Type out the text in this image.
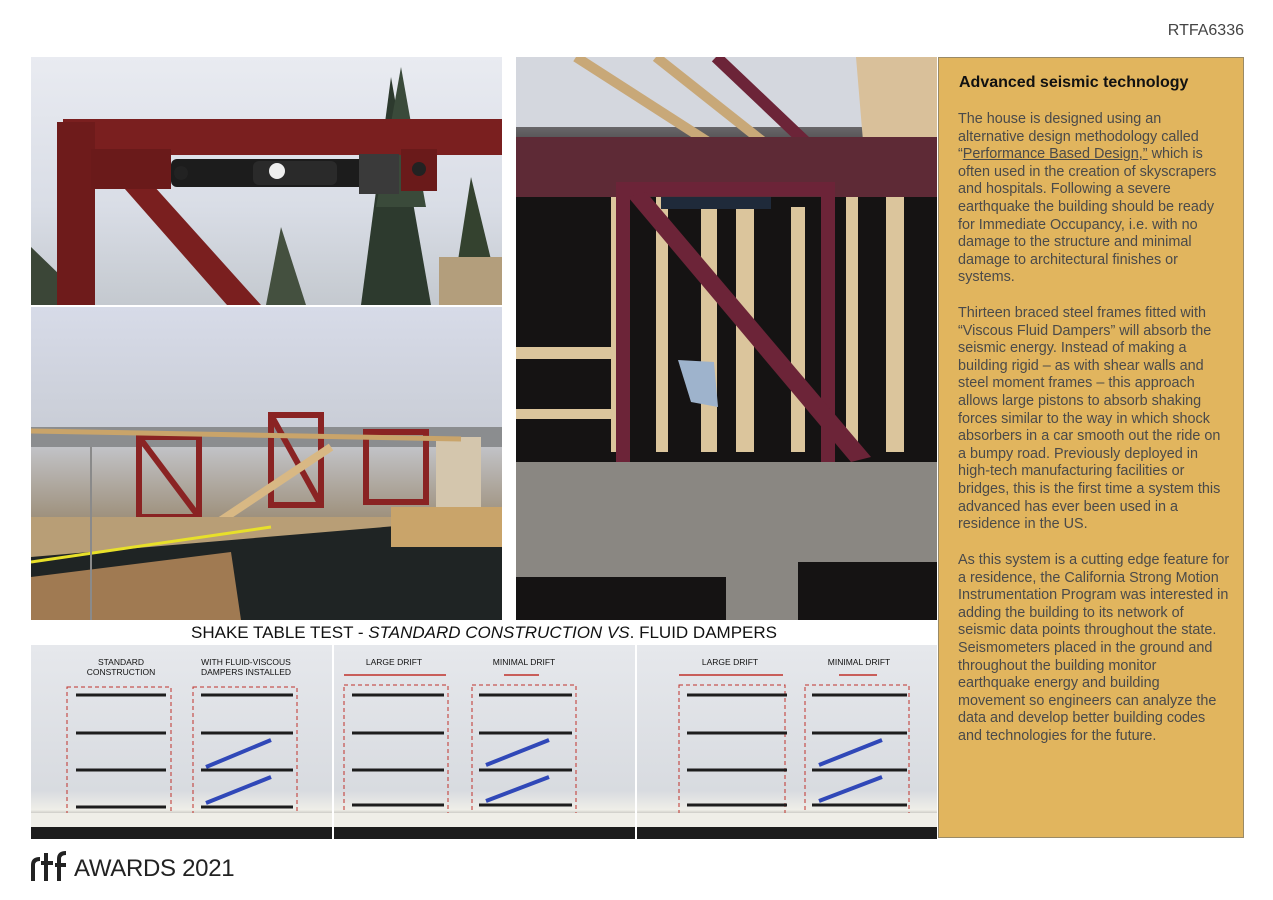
RTFA6336
SHAKE TABLE TEST - STANDARD CONSTRUCTION VS. FLUID DAMPERS
STANDARD
CONSTRUCTION
WITH FLUID-VISCOUS
DAMPERS INSTALLED
LARGE DRIFT	MINIMAL DRIFT	LARGE DRIFT	MINIMAL DRIFT
Advanced seismic technology
The house is designed using an alternative design methodology called “Performance Based Design,” which is often used in the creation of skyscrapers and hospitals. Following a severe earthquake the building should be ready for Immediate Occupancy, i.e. with no damage to the structure and minimal damage to architectural finishes or systems.
Thirteen braced steel frames fitted with “Viscous Fluid Dampers” will absorb the seismic energy. Instead of making a building rigid – as with shear walls and steel moment frames – this approach allows large pistons to absorb shaking forces similar to the way in which shock absorbers in a car smooth out the ride on a bumpy road. Previously deployed in high-tech manufacturing facilities or bridges, this is the first time a system this advanced has ever been used in a residence in the US.
As this system is a cutting edge feature for a residence, the California Strong Motion Instrumentation Program was interested in adding the building to its network of seismic data points throughout the state. Seismometers placed in the ground and throughout the building monitor earthquake energy and building movement so engineers can analyze the data and develop better building codes and technologies for the future.
AWARDS 2021
